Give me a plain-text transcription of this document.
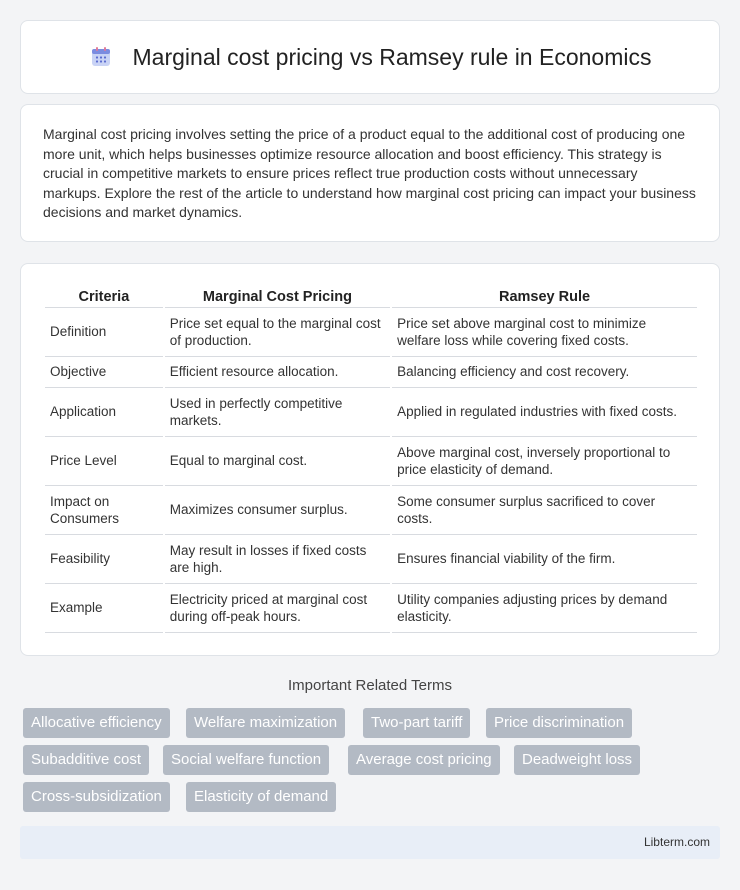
Marginal cost pricing vs Ramsey rule in Economics

Marginal cost pricing involves setting the price of a product equal to the additional cost of producing one more unit, which helps businesses optimize resource allocation and boost efficiency. This strategy is crucial in competitive markets to ensure prices reflect true production costs without unnecessary markups. Explore the rest of the article to understand how marginal cost pricing can impact your business decisions and market dynamics.

Criteria	Marginal Cost Pricing	Ramsey Rule
Definition	Price set equal to the marginal cost of production.	Price set above marginal cost to minimize welfare loss while covering fixed costs.
Objective	Efficient resource allocation.	Balancing efficiency and cost recovery.
Application	Used in perfectly competitive markets.	Applied in regulated industries with fixed costs.
Price Level	Equal to marginal cost.	Above marginal cost, inversely proportional to price elasticity of demand.
Impact on Consumers	Maximizes consumer surplus.	Some consumer surplus sacrificed to cover costs.
Feasibility	May result in losses if fixed costs are high.	Ensures financial viability of the firm.
Example	Electricity priced at marginal cost during off-peak hours.	Utility companies adjusting prices by demand elasticity.
Important Related Terms
Allocative efficiency	Welfare maximization	Two-part tariff	Price discrimination
Subadditive cost	Social welfare function	Average cost pricing	Deadweight loss
Cross-subsidization	Elasticity of demand
Libterm.com
